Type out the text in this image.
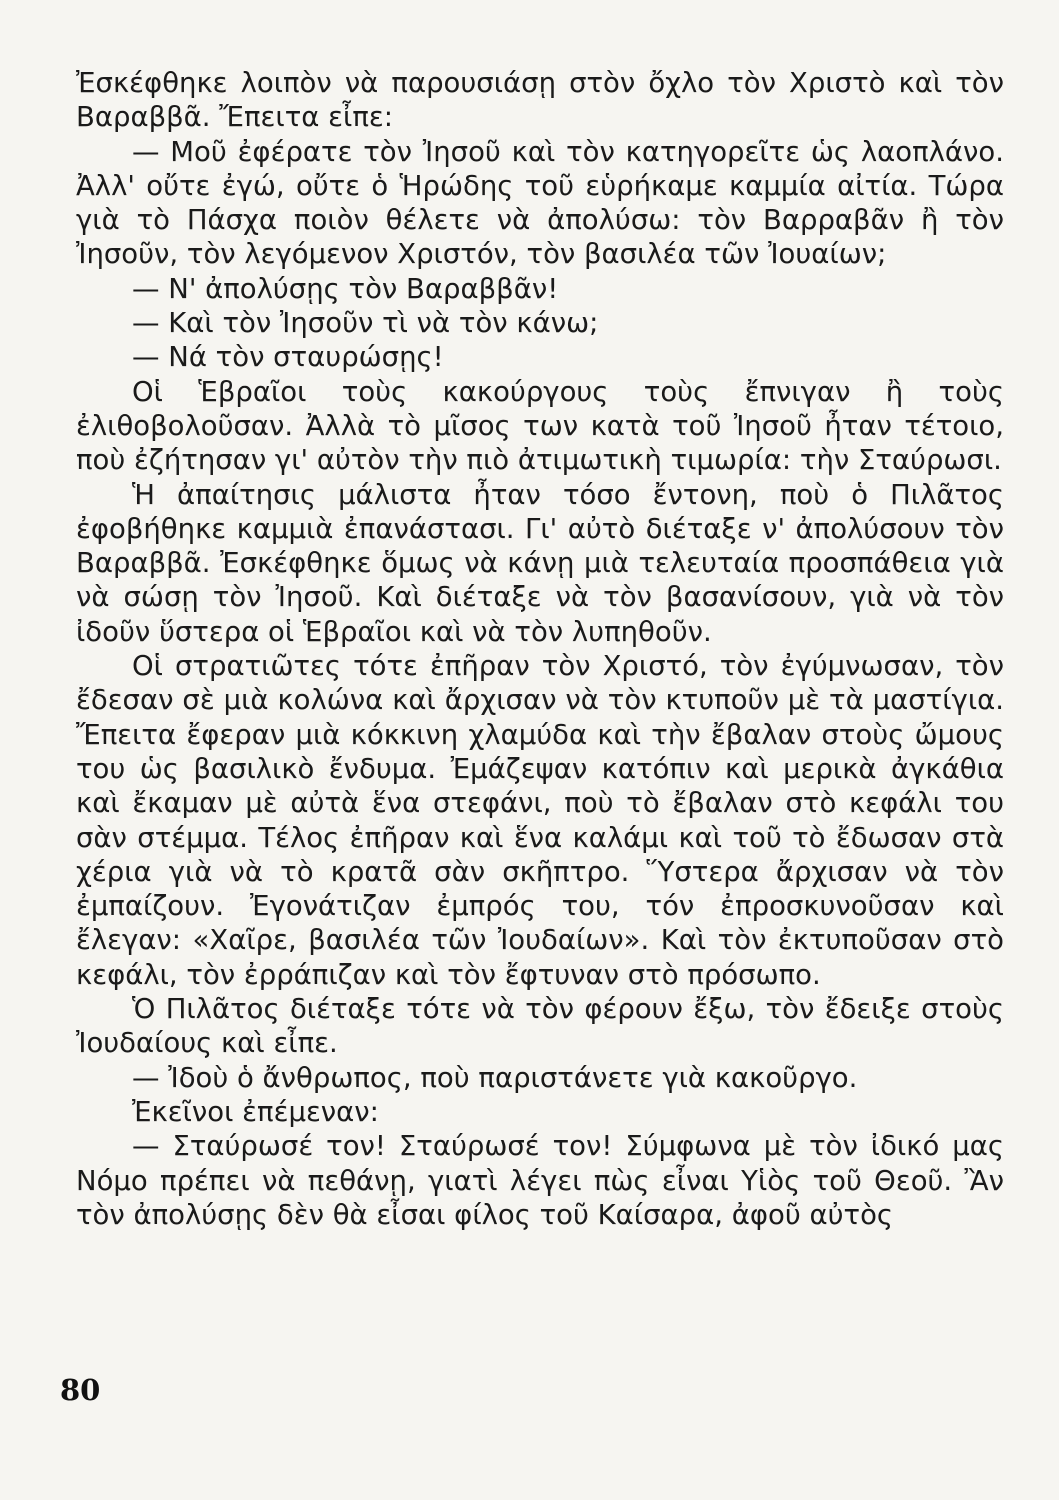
Ἐσκέφθηκε λοιπὸν νὰ παρουσιάσῃ στὸν ὄχλο τὸν Χριστὸ καὶ τὸν Βαραββᾶ. Ἔπειτα εἶπε:

— Μοῦ ἐφέρατε τὸν Ἰησοῦ καὶ τὸν κατηγορεῖτε ὡς λαοπλάνο. Ἀλλ' οὔτε ἐγώ, οὔτε ὁ Ἡρώδης τοῦ εὑρήκαμε καμμία αἰτία. Τώρα γιὰ τὸ Πάσχα ποιὸν θέλετε νὰ ἀπολύσω: τὸν Βαρραβᾶν ἢ τὸν Ἰησοῦν, τὸν λεγόμενον Χριστόν, τὸν βασιλέα τῶν Ἰουαίων;

— Ν' ἀπολύσῃς τὸν Βαραββᾶν!

— Καὶ τὸν Ἰησοῦν τὶ νὰ τὸν κάνω;

— Νά τὸν σταυρώσῃς!

Οἱ Ἑβραῖοι τοὺς κακούργους τοὺς ἔπνιγαν ἢ τοὺς ἐλιθοβολοῦσαν. Ἀλλὰ τὸ μῖσος των κατὰ τοῦ Ἰησοῦ ἦταν τέτοιο, ποὺ ἐζήτησαν γι' αὐτὸν τὴν πιὸ ἀτιμωτικὴ τιμωρία: τὴν Σταύρωσι.

Ἡ ἀπαίτησις μάλιστα ἦταν τόσο ἔντονη, ποὺ ὁ Πιλᾶτος ἐφοβήθηκε καμμιὰ ἐπανάστασι. Γι' αὐτὸ διέταξε ν' ἀπολύσουν τὸν Βαραββᾶ. Ἐσκέφθηκε ὅμως νὰ κάνῃ μιὰ τελευταία προσπάθεια γιὰ νὰ σώσῃ τὸν Ἰησοῦ. Καὶ διέταξε νὰ τὸν βασανίσουν, γιὰ νὰ τὸν ἰδοῦν ὕστερα οἱ Ἑβραῖοι καὶ νὰ τὸν λυπηθοῦν.

Οἱ στρατιῶτες τότε ἐπῆραν τὸν Χριστό, τὸν ἐγύμνωσαν, τὸν ἔδεσαν σὲ μιὰ κολώνα καὶ ἄρχισαν νὰ τὸν κτυποῦν μὲ τὰ μαστίγια. Ἔπειτα ἔφεραν μιὰ κόκκινη χλαμύδα καὶ τὴν ἔβαλαν στοὺς ὤμους του ὡς βασιλικὸ ἔνδυμα. Ἐμάζεψαν κατόπιν καὶ μερικὰ ἀγκάθια καὶ ἔκαμαν μὲ αὐτὰ ἕνα στεφάνι, ποὺ τὸ ἔβαλαν στὸ κεφάλι του σὰν στέμμα. Τέλος ἐπῆραν καὶ ἕνα καλάμι καὶ τοῦ τὸ ἔδωσαν στὰ χέρια γιὰ νὰ τὸ κρατᾶ σὰν σκῆπτρο. Ὕστερα ἄρχισαν νὰ τὸν ἐμπαίζουν. Ἐγονάτιζαν ἐμπρός του, τόν ἐπροσκυνοῦσαν καὶ ἔλεγαν: «Χαῖρε, βασιλέα τῶν Ἰουδαίων». Καὶ τὸν ἐκτυποῦσαν στὸ κεφάλι, τὸν ἐρράπιζαν καὶ τὸν ἔφτυναν στὸ πρόσωπο.

Ὁ Πιλᾶτος διέταξε τότε νὰ τὸν φέρουν ἔξω, τὸν ἔδειξε στοὺς Ἰουδαίους καὶ εἶπε.

— Ἰδοὺ ὁ ἄνθρωπος, ποὺ παριστάνετε γιὰ κακοῦργο.

Ἐκεῖνοι ἐπέμεναν:

— Σταύρωσέ τον! Σταύρωσέ τον! Σύμφωνα μὲ τὸν ἰδικό μας Νόμο πρέπει νὰ πεθάνῃ, γιατὶ λέγει πὼς εἶναι Υἱὸς τοῦ Θεοῦ. Ἂν τὸν ἀπολύσῃς δὲν θὰ εἶσαι φίλος τοῦ Καίσαρα, ἀφοῦ αὐτὸς

80
